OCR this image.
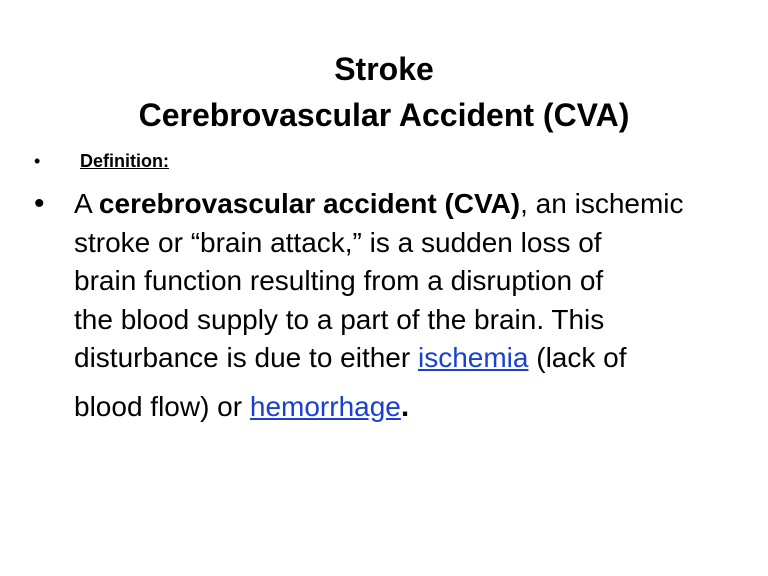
Stroke
Cerebrovascular Accident (CVA)
• Definition:
• A cerebrovascular accident (CVA), an ischemic
stroke or “brain attack,” is a sudden loss of
brain function resulting from a disruption of
the blood supply to a part of the brain. This
disturbance is due to either ischemia (lack of
blood flow) or hemorrhage.
